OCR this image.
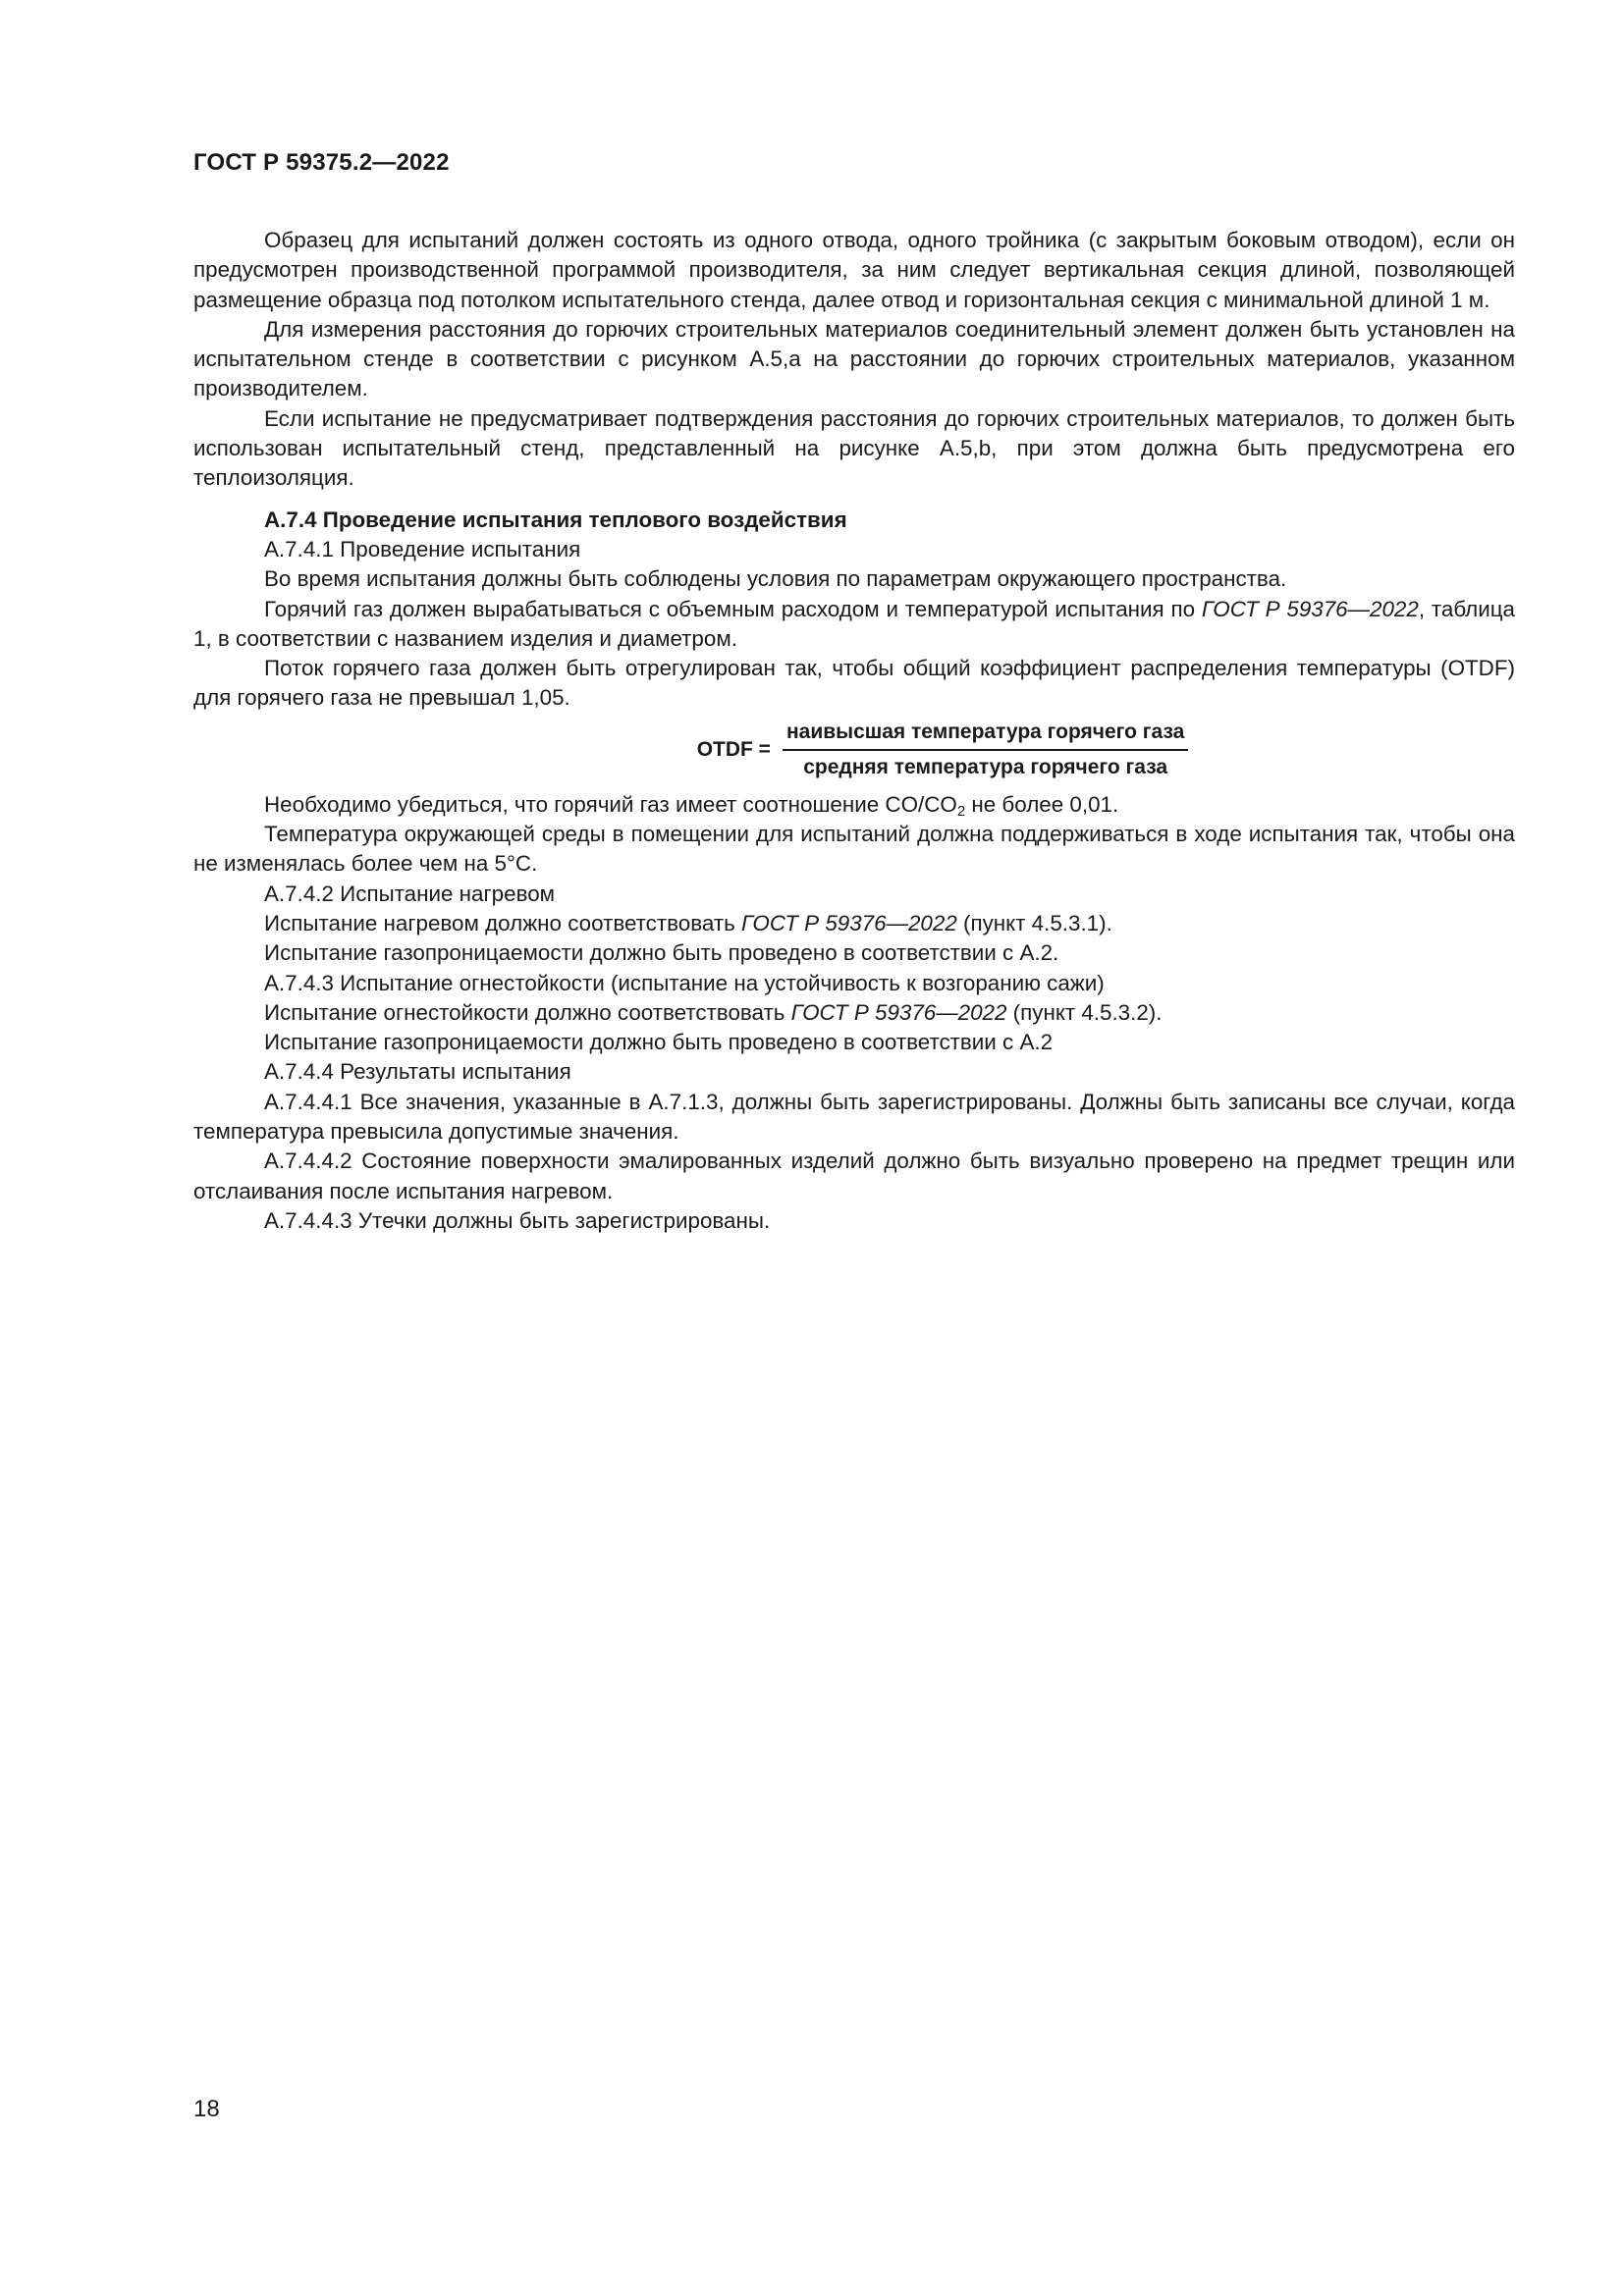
ГОСТ Р 59375.2—2022

Образец для испытаний должен состоять из одного отвода, одного тройника (с закрытым боковым отводом), если он предусмотрен производственной программой производителя, за ним следует вертикальная секция длиной, позволяющей размещение образца под потолком испытательного стенда, далее отвод и горизонтальная секция с минимальной длиной 1 м.

Для измерения расстояния до горючих строительных материалов соединительный элемент должен быть установлен на испытательном стенде в соответствии с рисунком А.5,a на расстоянии до горючих строительных материалов, указанном производителем.

Если испытание не предусматривает подтверждения расстояния до горючих строительных материалов, то должен быть использован испытательный стенд, представленный на рисунке А.5,b, при этом должна быть предусмотрена его теплоизоляция.

А.7.4 Проведение испытания теплового воздействия

А.7.4.1 Проведение испытания

Во время испытания должны быть соблюдены условия по параметрам окружающего пространства.

Горячий газ должен вырабатываться с объемным расходом и температурой испытания по ГОСТ Р 59376—2022, таблица 1, в соответствии с названием изделия и диаметром.

Поток горячего газа должен быть отрегулирован так, чтобы общий коэффициент распределения температуры (OTDF) для горячего газа не превышал 1,05.

OTDF = $\frac{\text{наивысшая температура горячего газа}}{\text{средняя температура горячего газа}}$

Необходимо убедиться, что горячий газ имеет соотношение $CO/CO_2$ не более 0,01.

Температура окружающей среды в помещении для испытаний должна поддерживаться в ходе испытания так, чтобы она не изменялась более чем на 5°С.

А.7.4.2 Испытание нагревом

Испытание нагревом должно соответствовать ГОСТ Р 59376—2022 (пункт 4.5.3.1).

Испытание газопроницаемости должно быть проведено в соответствии с А.2.

А.7.4.3 Испытание огнестойкости (испытание на устойчивость к возгоранию сажи)

Испытание огнестойкости должно соответствовать ГОСТ Р 59376—2022 (пункт 4.5.3.2).

Испытание газопроницаемости должно быть проведено в соответствии с А.2

А.7.4.4 Результаты испытания

А.7.4.4.1 Все значения, указанные в А.7.1.3, должны быть зарегистрированы. Должны быть записаны все случаи, когда температура превысила допустимые значения.

А.7.4.4.2 Состояние поверхности эмалированных изделий должно быть визуально проверено на предмет трещин или отслаивания после испытания нагревом.

А.7.4.4.3 Утечки должны быть зарегистрированы.

18
